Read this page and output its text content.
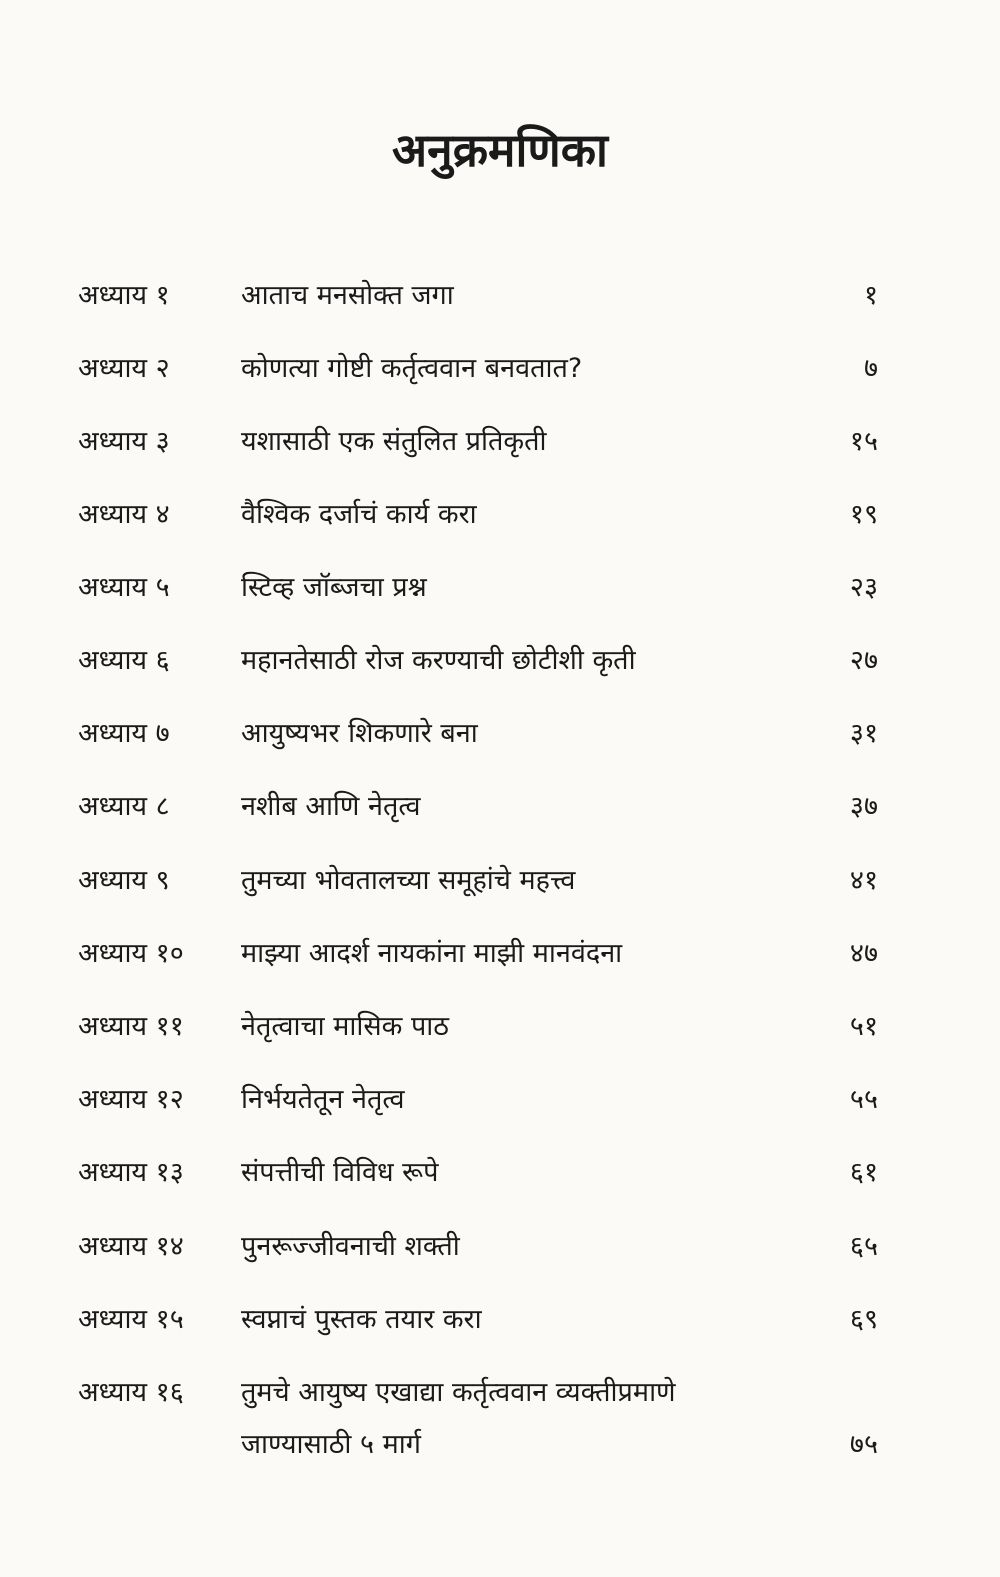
अनुक्रमणिका
अध्याय १	आताच मनसोक्त जगा	१
अध्याय २	कोणत्या गोष्टी कर्तृत्ववान बनवतात?	७
अध्याय ३	यशासाठी एक संतुलित प्रतिकृती	१५
अध्याय ४	वैश्विक दर्जाचं कार्य करा	१९
अध्याय ५	स्टिव्ह जॉब्जचा प्रश्न	२३
अध्याय ६	महानतेसाठी रोज करण्याची छोटीशी कृती	२७
अध्याय ७	आयुष्यभर शिकणारे बना	३१
अध्याय ८	नशीब आणि नेतृत्व	३७
अध्याय ९	तुमच्या भोवतालच्या समूहांचे महत्त्व	४१
अध्याय १० माझ्या आदर्श नायकांना माझी मानवंदना	४७
अध्याय ११ नेतृत्वाचा मासिक पाठ	५१
अध्याय १२ निर्भयतेतून नेतृत्व	५५
अध्याय १३ संपत्तीची विविध रूपे	६१
अध्याय १४ पुनरूज्जीवनाची शक्ती	६५
अध्याय १५ स्वप्नाचं पुस्तक तयार करा	६९
अध्याय १६ तुमचे आयुष्य एखाद्या कर्तृत्ववान व्यक्तीप्रमाणे
जाण्यासाठी ५ मार्ग	७५
